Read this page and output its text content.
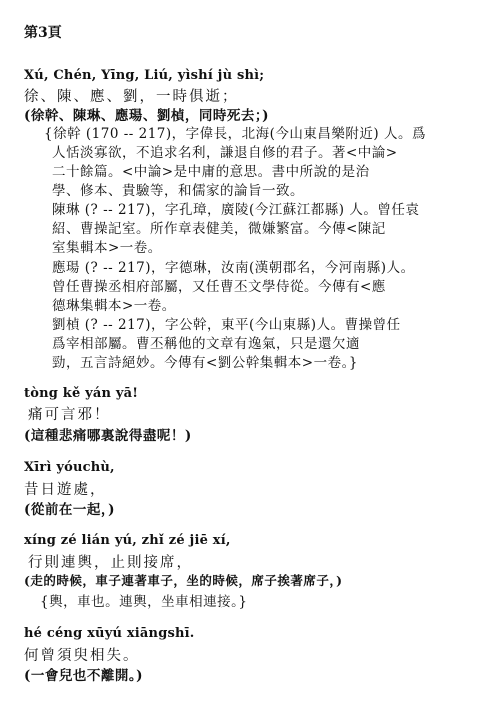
第3頁
Xú, Chén, Yīng, Liú, yìshí jù shì;
徐、陳、應、劉，一時俱逝；
(徐幹、陳琳、應瑒、劉楨，同時死去；)
{徐幹 (170 -- 217)，字偉長，北海(今山東昌樂附近) 人。爲
人恬淡寡欲，不追求名利，謙退自修的君子。著<中論>
二十餘篇。<中論>是中庸的意思。書中所說的是治
學、修本、貴驗等，和儒家的論旨一致。
陳琳 (? -- 217)，字孔璋，廣陵(今江蘇江都縣) 人。曾任袁
紹、曹操記室。所作章表健美，微嫌繁富。今傳<陳記
室集輯本>一卷。
應瑒 (? -- 217)，字德琳，汝南(漢朝郡名，今河南縣)人。
曾任曹操丞相府部屬，又任曹丕文學侍從。今傳有<應
德琳集輯本>一卷。
劉楨 (? -- 217)，字公幹，東平(今山東縣)人。曹操曾任
爲宰相部屬。曹丕稱他的文章有逸氣，只是還欠適
勁，五言詩絕妙。今傳有<劉公幹集輯本>一卷。}
tòng kě yán yā!
痛可言邪！
(這種悲痛哪裏說得盡呢！)
Xīrì yóuchù,
昔日遊處，
(從前在一起，)
xíng zé lián yú, zhǐ zé jiē xí,
行則連輿，止則接席，
(走的時候，車子連著車子，坐的時候，席子挨著席子，)
{輿，車也。連輿，坐車相連接。}
hé céng xūyú xiāngshī.
何曾須臾相失。
(一會兒也不離開。)
